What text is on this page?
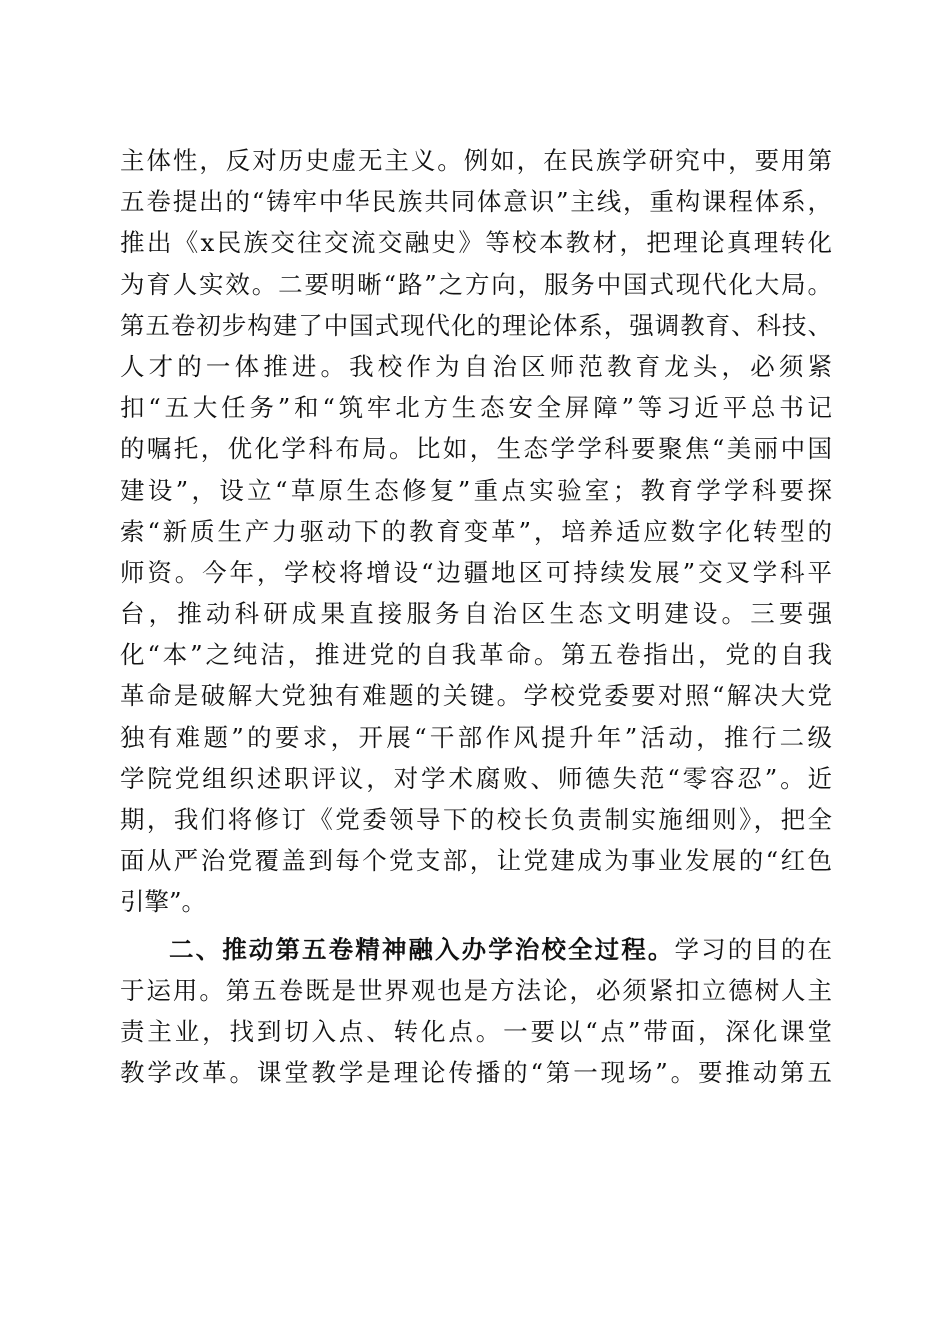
主体性，反对历史虚无主义。例如，在民族学研究中，要用第
五卷提出的“铸牢中华民族共同体意识”主线，重构课程体系，
推出《x民族交往交流交融史》等校本教材，把理论真理转化
为育人实效。二要明晰“路”之方向，服务中国式现代化大局。
第五卷初步构建了中国式现代化的理论体系，强调教育、科技、
人才的一体推进。我校作为自治区师范教育龙头，必须紧
扣“五大任务”和“筑牢北方生态安全屏障”等习近平总书记
的嘱托，优化学科布局。比如，生态学学科要聚焦“美丽中国
建设”，设立“草原生态修复”重点实验室；教育学学科要探
索“新质生产力驱动下的教育变革”，培养适应数字化转型的
师资。今年，学校将增设“边疆地区可持续发展”交叉学科平
台，推动科研成果直接服务自治区生态文明建设。三要强
化“本”之纯洁，推进党的自我革命。第五卷指出，党的自我
革命是破解大党独有难题的关键。学校党委要对照“解决大党
独有难题”的要求，开展“干部作风提升年”活动，推行二级
学院党组织述职评议，对学术腐败、师德失范“零容忍”。近
期，我们将修订《党委领导下的校长负责制实施细则》，把全
面从严治党覆盖到每个党支部，让党建成为事业发展的“红色
引擎”。
二、推动第五卷精神融入办学治校全过程。学习的目的在
于运用。第五卷既是世界观也是方法论，必须紧扣立德树人主
责主业，找到切入点、转化点。一要以“点”带面，深化课堂
教学改革。课堂教学是理论传播的“第一现场”。要推动第五
